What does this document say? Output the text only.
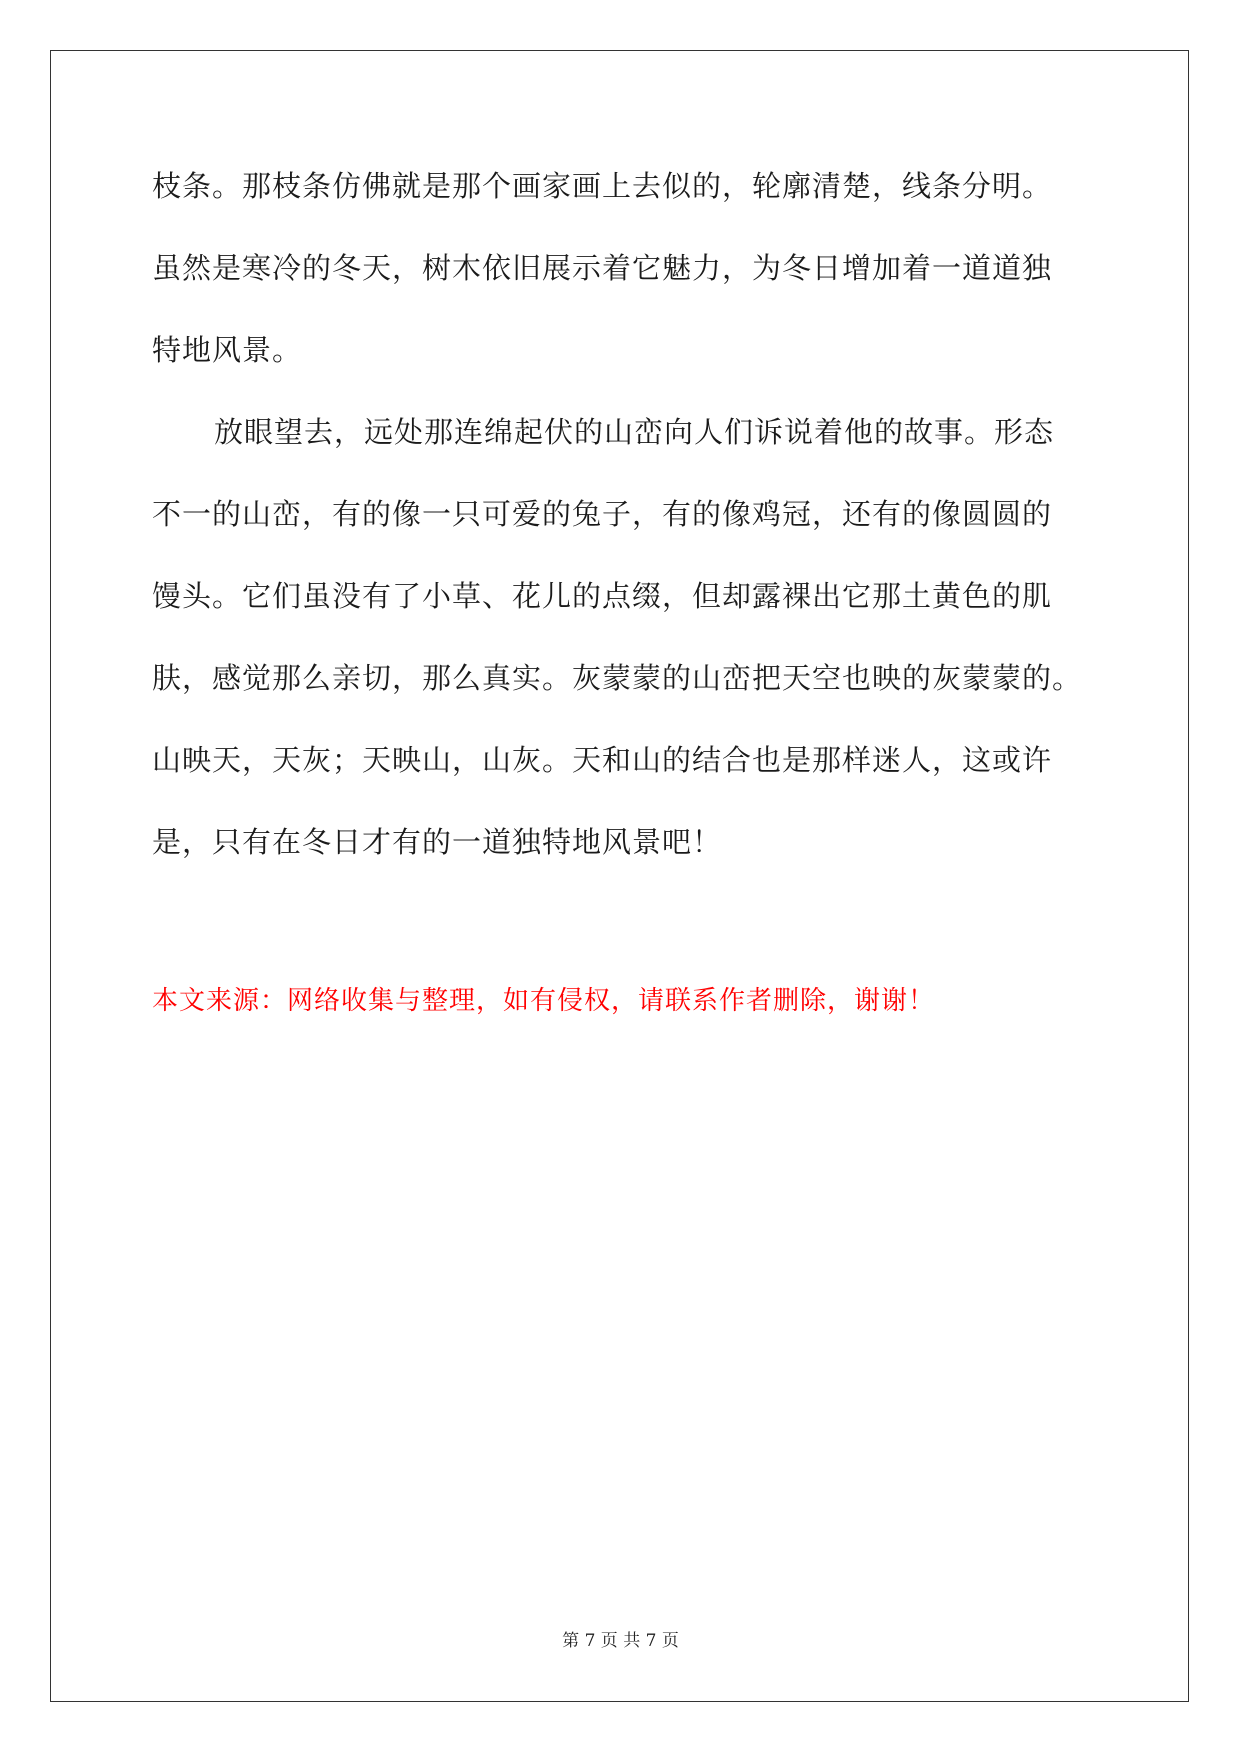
枝条。那枝条仿佛就是那个画家画上去似的，轮廓清楚，线条分明。
虽然是寒冷的冬天，树木依旧展示着它魅力，为冬日增加着一道道独
特地风景。
放眼望去，远处那连绵起伏的山峦向人们诉说着他的故事。形态
不一的山峦，有的像一只可爱的兔子，有的像鸡冠，还有的像圆圆的
馒头。它们虽没有了小草、花儿的点缀，但却露裸出它那土黄色的肌
肤，感觉那么亲切，那么真实。灰蒙蒙的山峦把天空也映的灰蒙蒙的。
山映天，天灰；天映山，山灰。天和山的结合也是那样迷人，这或许
是，只有在冬日才有的一道独特地风景吧！
本文来源：网络收集与整理，如有侵权，请联系作者删除，谢谢！
第 7 页 共 7 页
